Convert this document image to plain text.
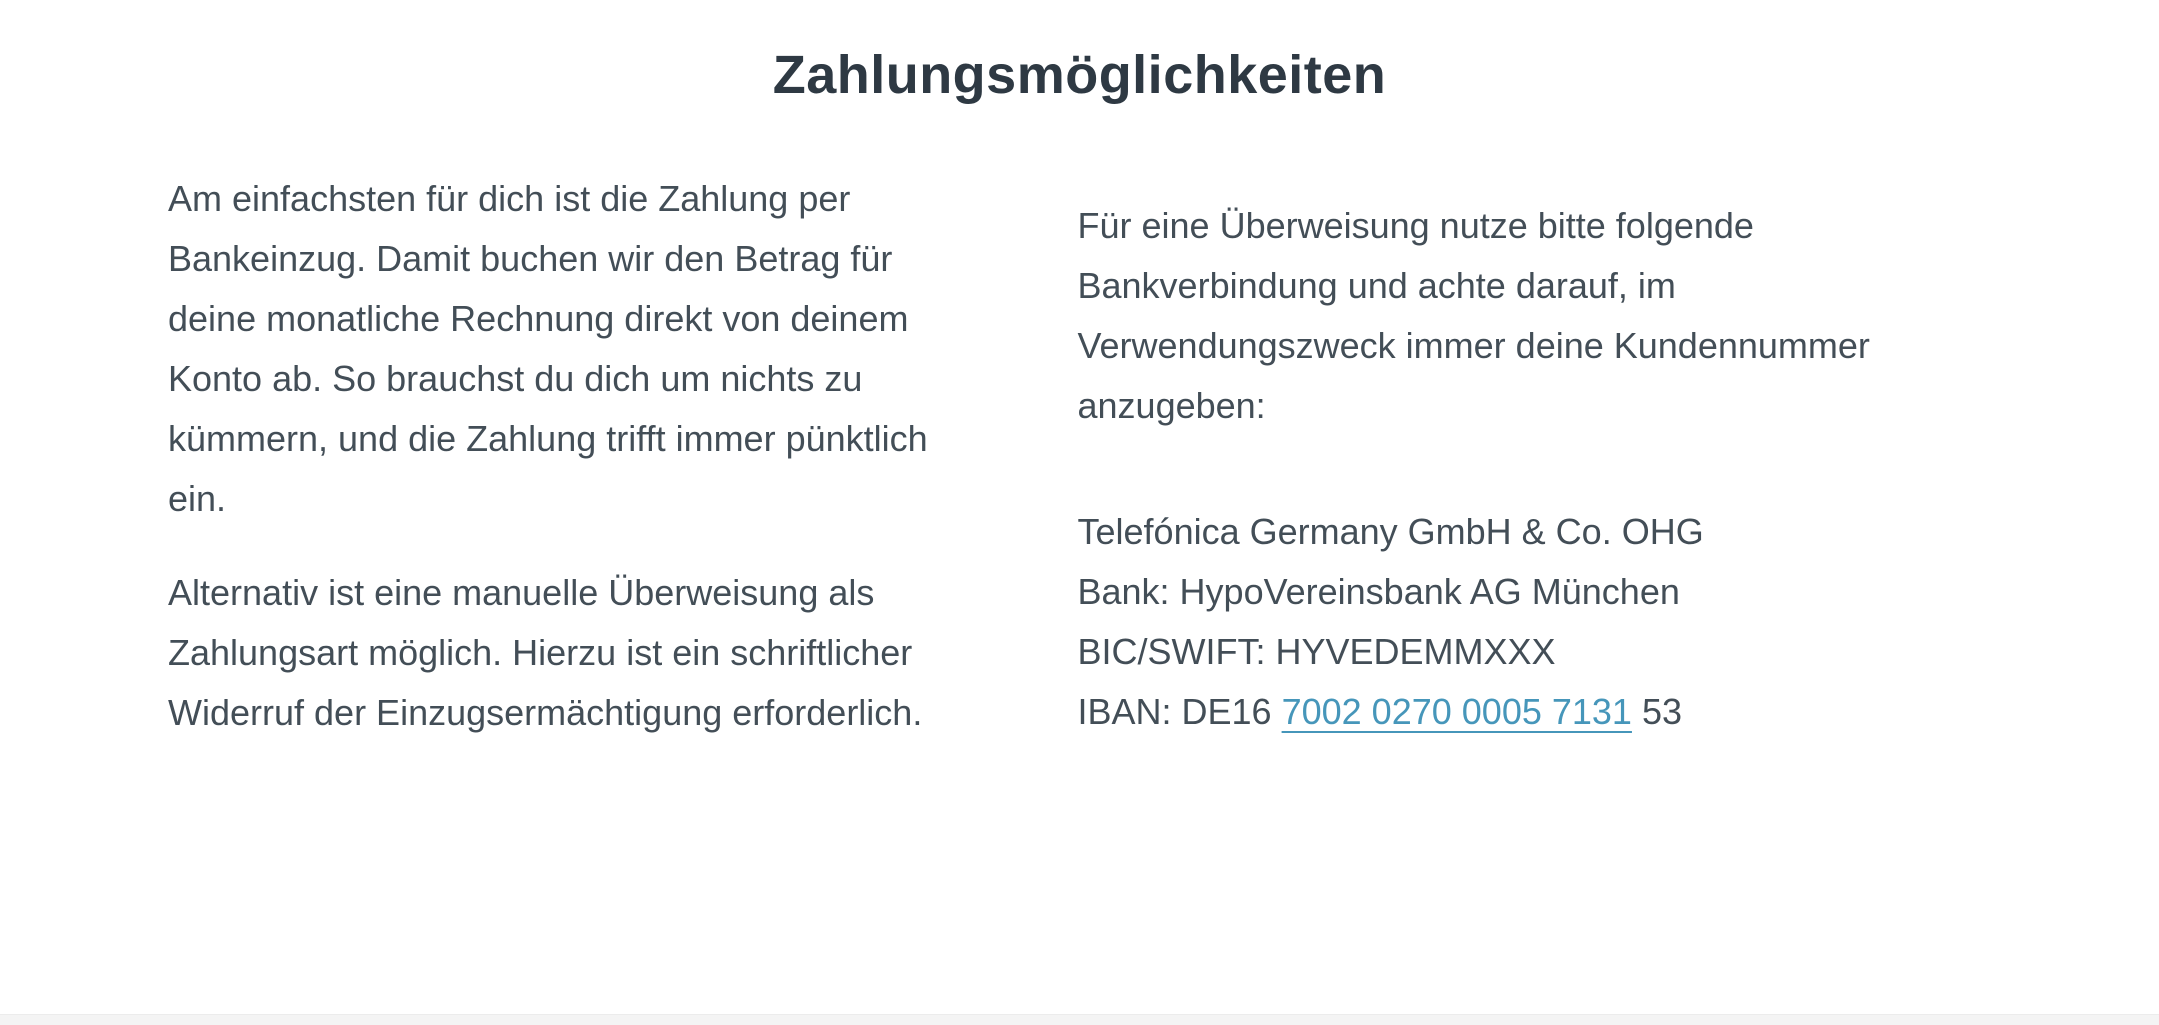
Zahlungsmöglichkeiten

Am einfachsten für dich ist die Zahlung per
Bankeinzug. Damit buchen wir den Betrag für
deine monatliche Rechnung direkt von deinem
Konto ab. So brauchst du dich um nichts zu
kümmern, und die Zahlung trifft immer pünktlich
ein.

Alternativ ist eine manuelle Überweisung als
Zahlungsart möglich. Hierzu ist ein schriftlicher
Widerruf der Einzugsermächtigung erforderlich.

Für eine Überweisung nutze bitte folgende
Bankverbindung und achte darauf, im
Verwendungszweck immer deine Kundennummer
anzugeben:

Telefónica Germany GmbH & Co. OHG
Bank: HypoVereinsbank AG München
BIC/SWIFT: HYVEDEMMXXX
IBAN: DE16 7002 0270 0005 7131 53
